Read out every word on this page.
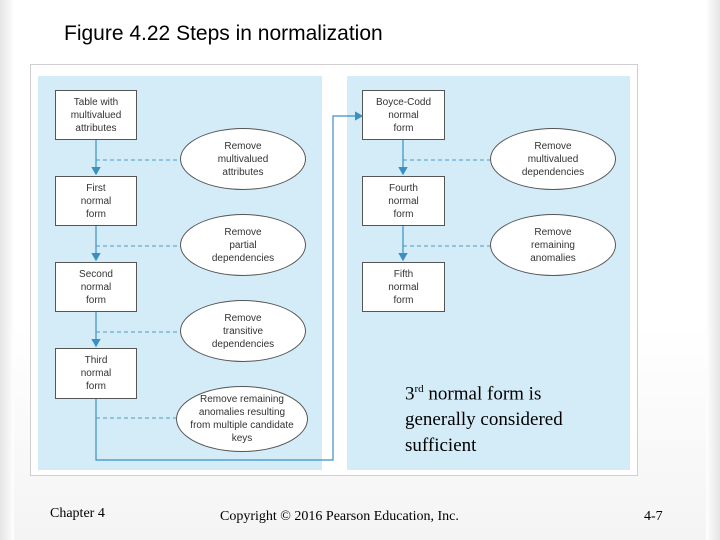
Figure 4.22 Steps in normalization
Table with
multivalued
attributes
First
normal
form
Second
normal
form
Third
normal
form
Boyce-Codd
normal
form
Fourth
normal
form
Fifth
normal
form
Remove
multivalued
attributes
Remove
partial
dependencies
Remove
transitive
dependencies
Remove remaining
anomalies resulting
from multiple candidate
keys
Remove
multivalued
dependencies
Remove
remaining
anomalies
3rd normal form is
generally considered
sufficient
Chapter 4	Copyright © 2016 Pearson Education, Inc.	4-7
